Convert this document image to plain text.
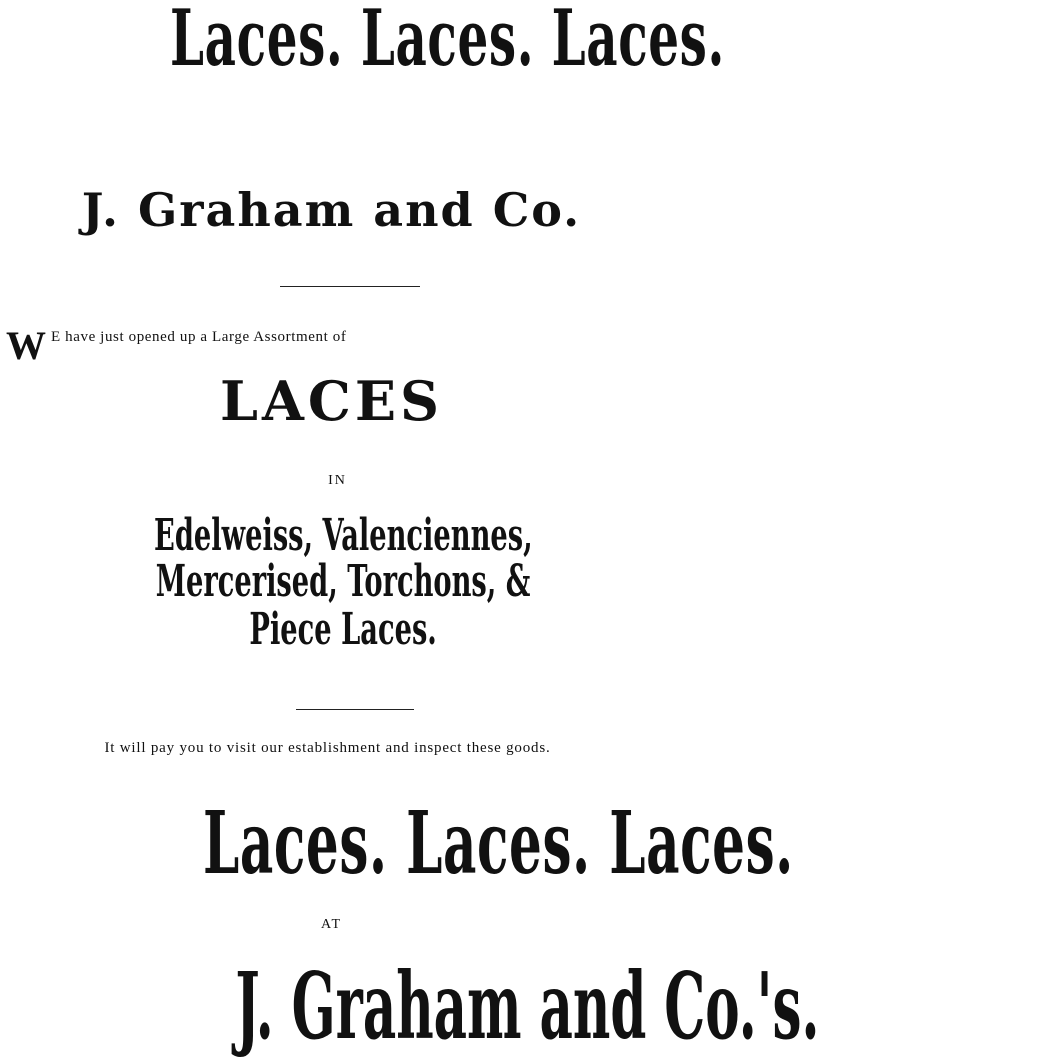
Laces. Laces. Laces.
J. Graham and Co.
W E have just opened up a Large Assortment of
LACES
IN
Edelweiss, Valenciennes,
Mercerised, Torchons, &
Piece Laces.
It will pay you to visit our establishment and inspect these goods.
Laces. Laces. Laces.
AT
J. Graham and Co.'s.
